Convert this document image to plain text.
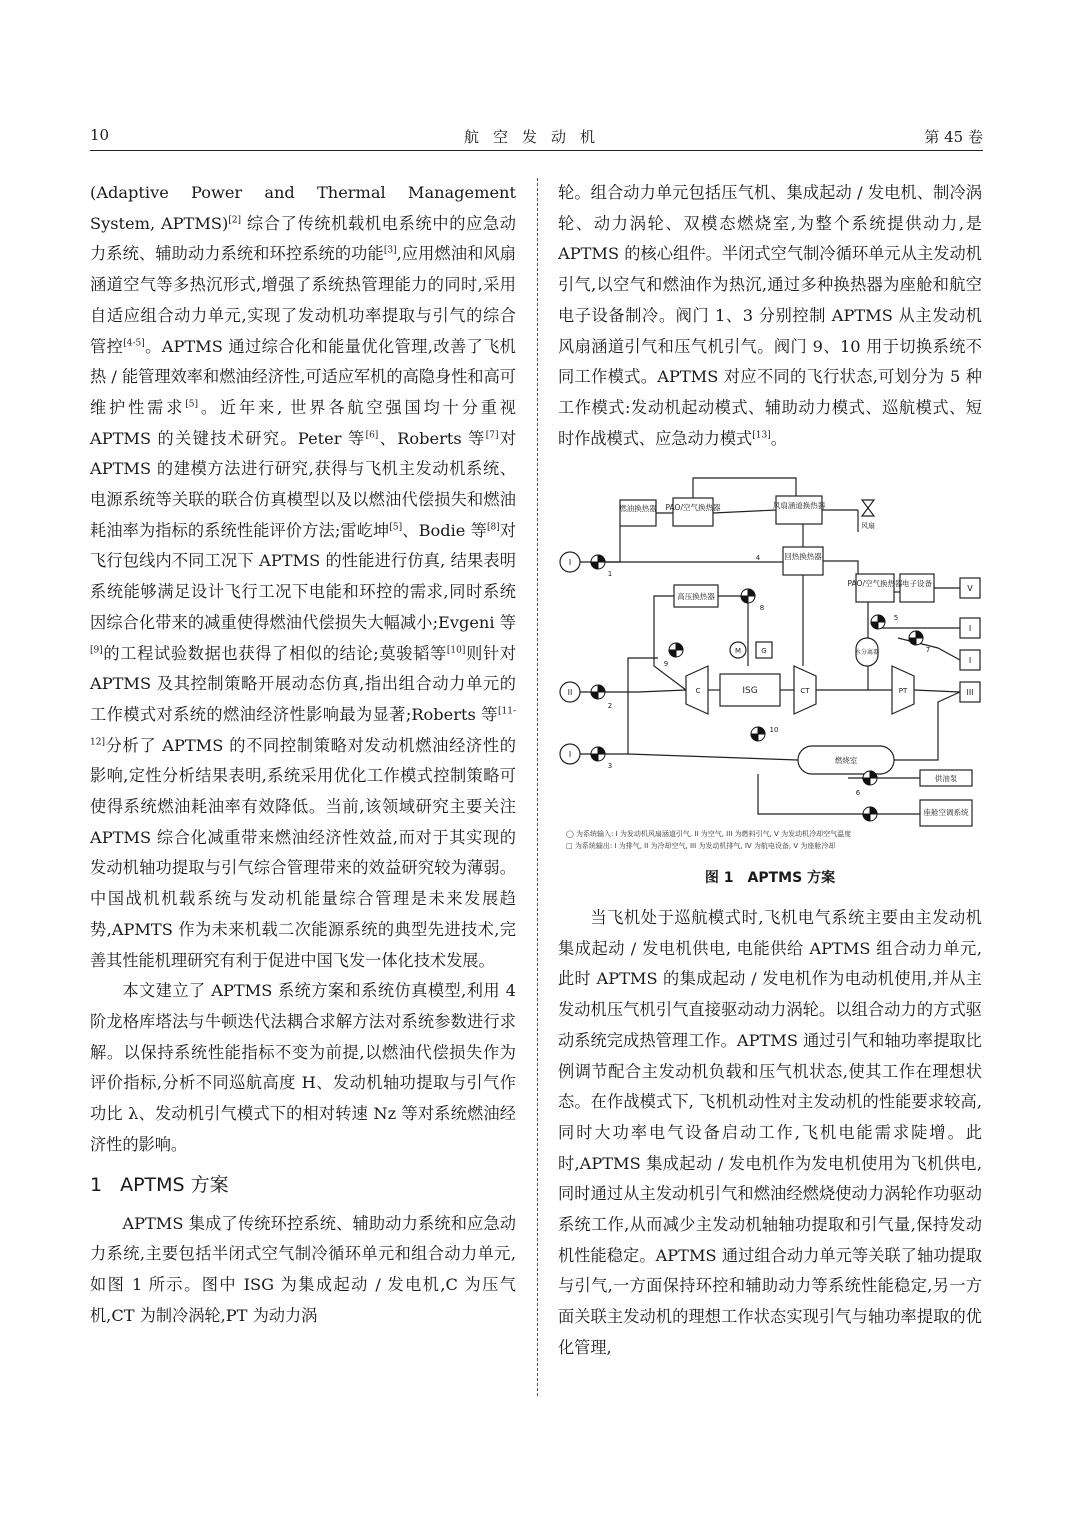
10	航空发动机	第 45 卷

(Adaptive Power and Thermal Management System, APTMS)[2] 综合了传统机载机电系统中的应急动力系统、辅助动力系统和环控系统的功能[3],应用燃油和风扇涵道空气等多热沉形式,增强了系统热管理能力的同时,采用自适应组合动力单元,实现了发动机功率提取与引气的综合管控[4-5]。APTMS 通过综合化和能量优化管理,改善了飞机热 / 能管理效率和燃油经济性,可适应军机的高隐身性和高可维护性需求[5]。近年来, 世界各航空强国均十分重视 APTMS 的关键技术研究。Peter 等[6]、Roberts 等[7]对 APTMS 的建模方法进行研究,获得与飞机主发动机系统、电源系统等关联的联合仿真模型以及以燃油代偿损失和燃油耗油率为指标的系统性能评价方法;雷屹坤[5]、Bodie 等[8]对飞行包线内不同工况下 APTMS 的性能进行仿真, 结果表明系统能够满足设计飞行工况下电能和环控的需求,同时系统因综合化带来的减重使得燃油代偿损失大幅减小;Evgeni 等[9]的工程试验数据也获得了相似的结论;莫骏韬等[10]则针对 APTMS 及其控制策略开展动态仿真,指出组合动力单元的工作模式对系统的燃油经济性影响最为显著;Roberts 等[11-12]分析了 APTMS 的不同控制策略对发动机燃油经济性的影响,定性分析结果表明,系统采用优化工作模式控制策略可使得系统燃油耗油率有效降低。当前,该领域研究主要关注 APTMS 综合化减重带来燃油经济性效益,而对于其实现的发动机轴功提取与引气综合管理带来的效益研究较为薄弱。中国战机机载系统与发动机能量综合管理是未来发展趋势,APMTS 作为未来机载二次能源系统的典型先进技术,完善其性能机理研究有利于促进中国飞发一体化技术发展。

本文建立了 APTMS 系统方案和系统仿真模型,利用 4 阶龙格库塔法与牛顿迭代法耦合求解方法对系统参数进行求解。以保持系统性能指标不变为前提,以燃油代偿损失作为评价指标,分析不同巡航高度 H、发动机轴功提取与引气作功比 λ、发动机引气模式下的相对转速 Nz 等对系统燃油经济性的影响。

1 APTMS 方案

APTMS 集成了传统环控系统、辅助动力系统和应急动力系统,主要包括半闭式空气制冷循环单元和组合动力单元, 如图 1 所示。图中 ISG 为集成起动 / 发电机,C 为压气机,CT 为制冷涡轮,PT 为动力涡

轮。组合动力单元包括压气机、集成起动 / 发电机、制冷涡轮、动力涡轮、双模态燃烧室,为整个系统提供动力,是 APTMS 的核心组件。半闭式空气制冷循环单元从主发动机引气,以空气和燃油作为热沉,通过多种换热器为座舱和航空电子设备制冷。阀门 1、3 分别控制 APTMS 从主发动机风扇涵道引气和压气机引气。阀门 9、10 用于切换系统不同工作模式。APTMS 对应不同的飞行状态,可划分为 5 种工作模式:发动机起动模式、辅助动力模式、巡航模式、短时作战模式、应急动力模式[13]。

燃油换热器 PAO/空气换热器	风扇涵道换热器
回热换热器
高压换热器
PAO/空气换热器 电子设备
ISG
燃烧室
供油泵
座舱空调系统
水分离器
风扇
C	CT	PT
M	G
I
II
I
V
I
I
III
1
2
3
4
5
6
7
8
9
10
◯ 为系统输入: I 为发动机风扇涵道引气, II 为空气, III 为燃料引气, V 为发动机冷却空气温度
□ 为系统输出: I 为排气, II 为冷却空气, III 为发动机排气, IV 为航电设备, V 为座舱冷却
图 1 APTMS 方案

当飞机处于巡航模式时,飞机电气系统主要由主发动机集成起动 / 发电机供电, 电能供给 APTMS 组合动力单元, 此时 APTMS 的集成起动 / 发电机作为电动机使用,并从主发动机压气机引气直接驱动动力涡轮。以组合动力的方式驱动系统完成热管理工作。APTMS 通过引气和轴功率提取比例调节配合主发动机负载和压气机状态,使其工作在理想状态。在作战模式下, 飞机机动性对主发动机的性能要求较高,同时大功率电气设备启动工作,飞机电能需求陡增。此时,APTMS 集成起动 / 发电机作为发电机使用为飞机供电,同时通过从主发动机引气和燃油经燃烧使动力涡轮作功驱动系统工作,从而减少主发动机轴轴功提取和引气量,保持发动机性能稳定。APTMS 通过组合动力单元等关联了轴功提取与引气,一方面保持环控和辅助动力等系统性能稳定,另一方面关联主发动机的理想工作状态实现引气与轴功率提取的优化管理,
